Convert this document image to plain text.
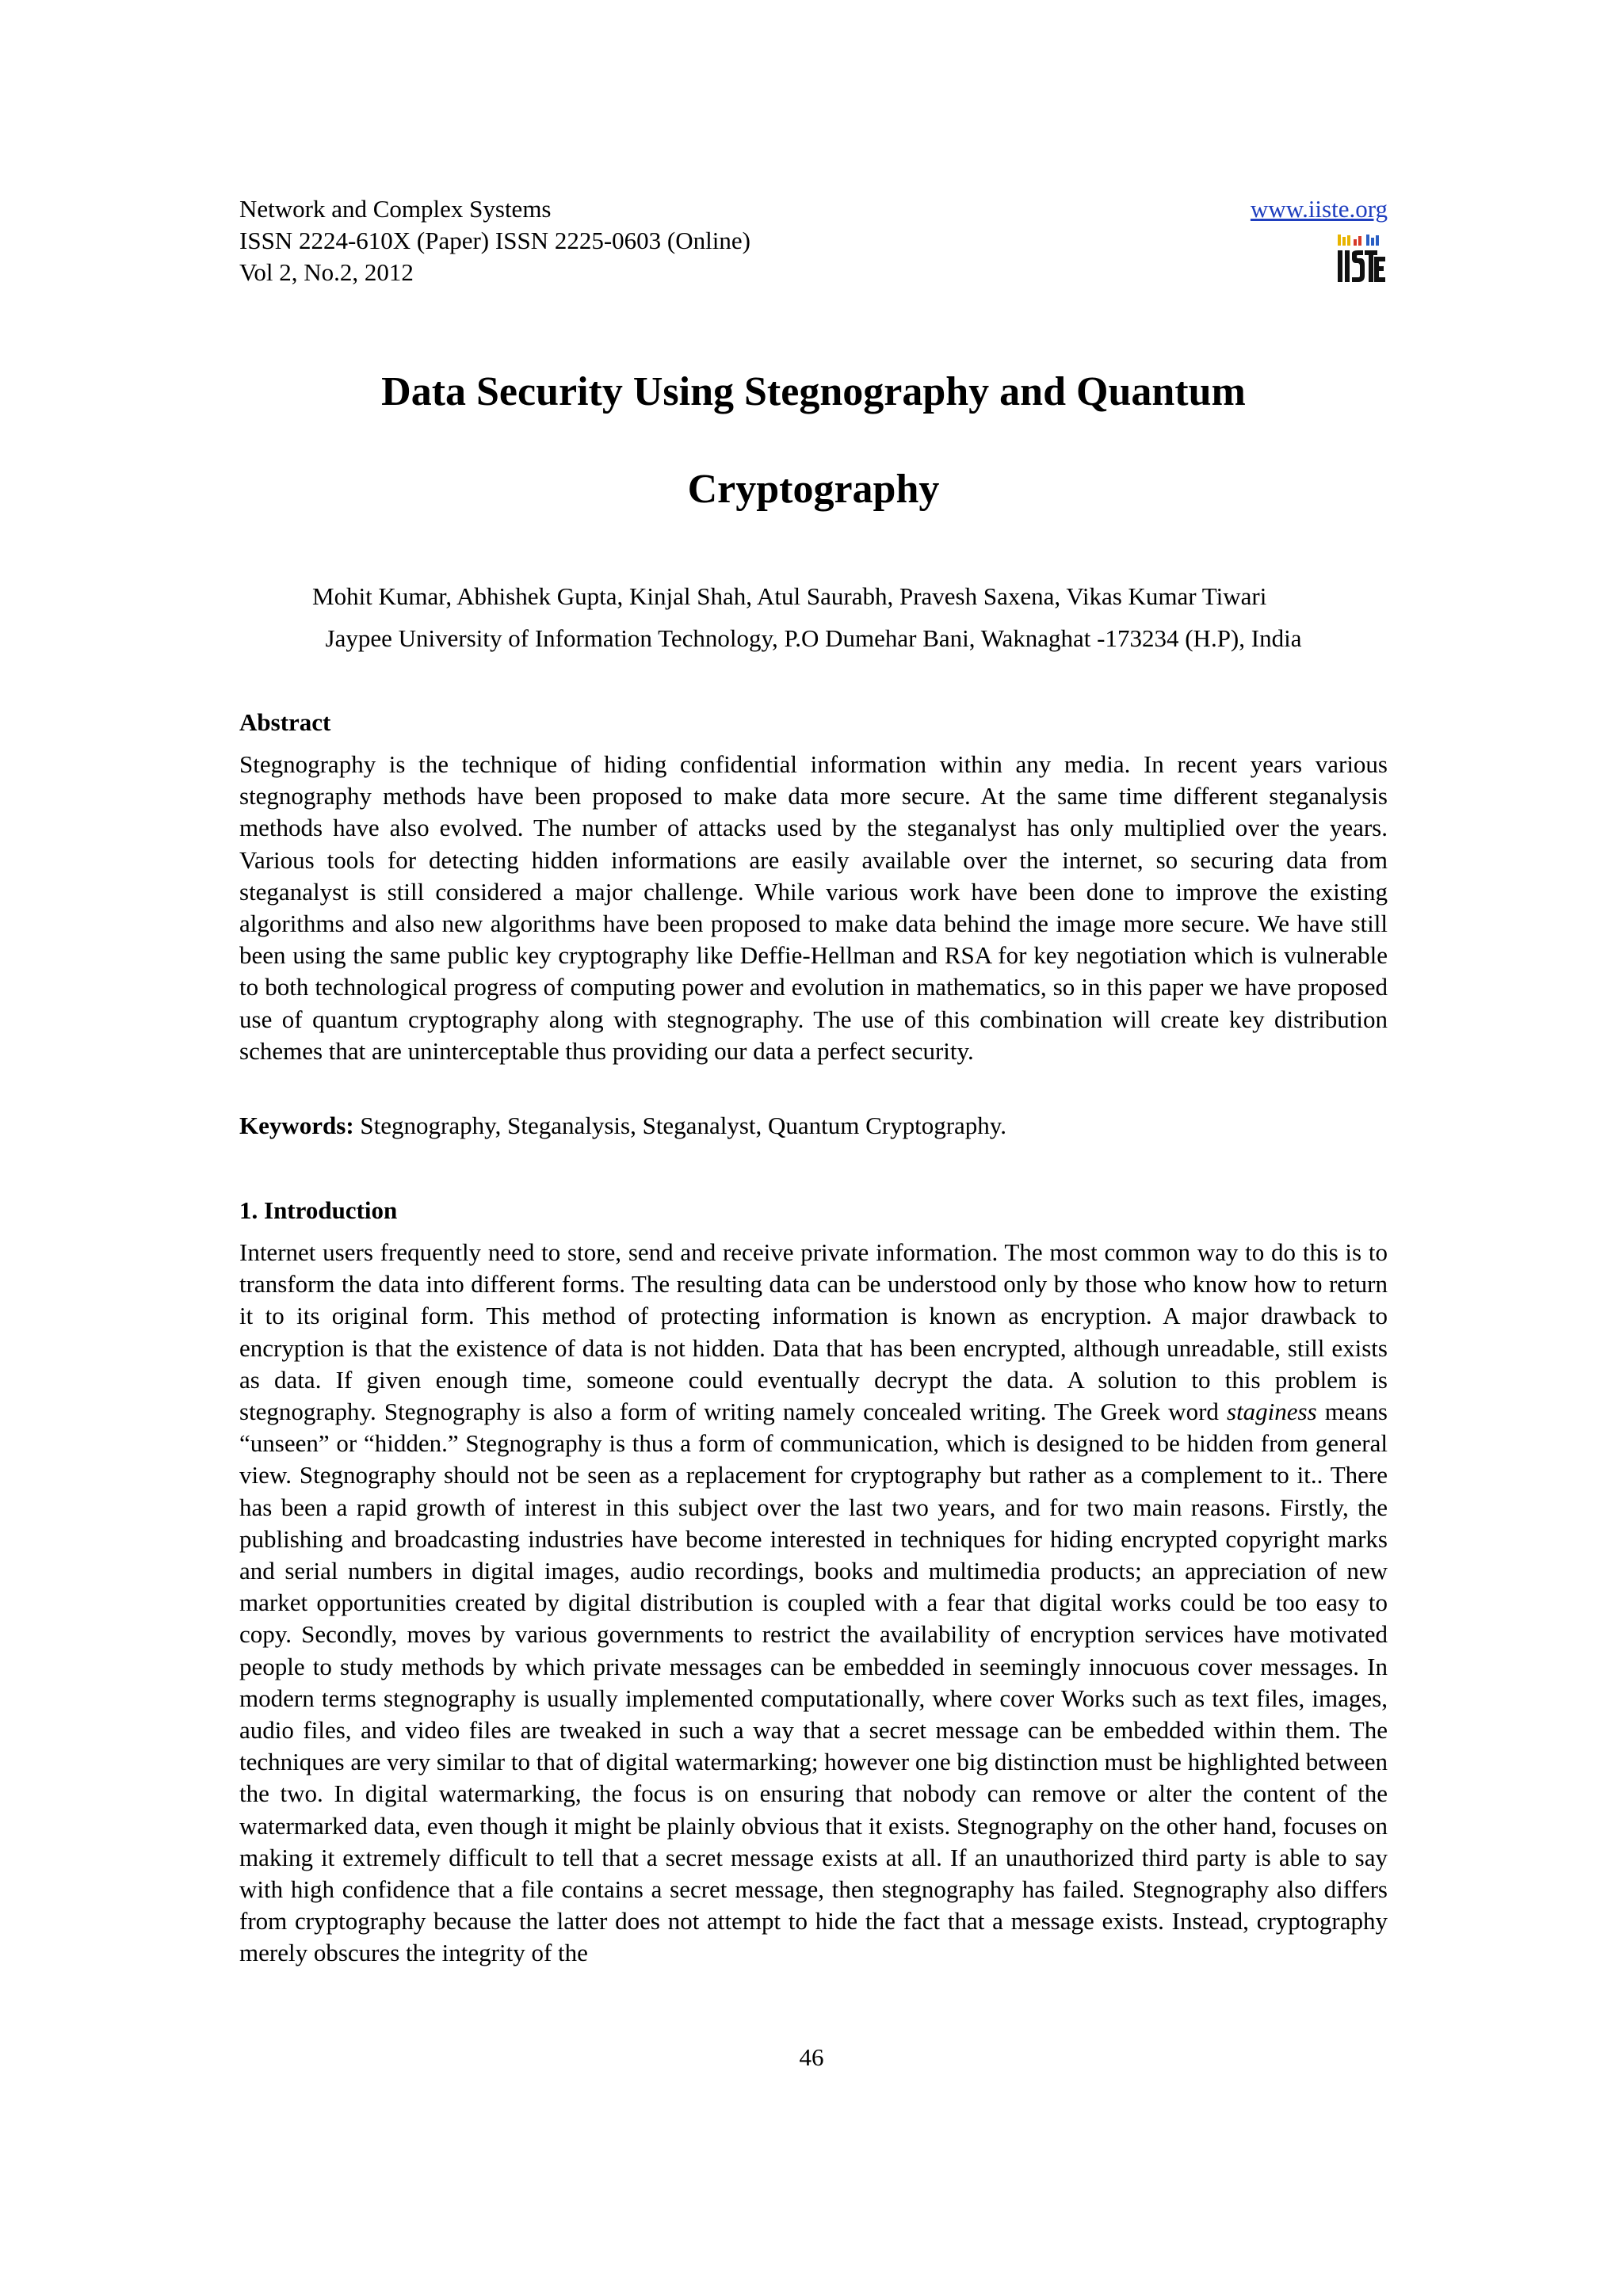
Network and Complex Systems
ISSN 2224-610X (Paper) ISSN 2225-0603 (Online)
Vol 2, No.2, 2012
www.iiste.org
Data Security Using Stegnography and Quantum
Cryptography
Mohit Kumar, Abhishek Gupta, Kinjal Shah, Atul Saurabh, Pravesh Saxena, Vikas Kumar Tiwari
Jaypee University of Information Technology, P.O Dumehar Bani, Waknaghat -173234 (H.P), India
Abstract
Stegnography is the technique of hiding confidential information within any media. In recent years various stegnography methods have been proposed to make data more secure. At the same time different steganalysis methods have also evolved. The number of attacks used by the steganalyst has only multiplied over the years. Various tools for detecting hidden informations are easily available over the internet, so securing data from steganalyst is still considered a major challenge. While various work have been done to improve the existing algorithms and also new algorithms have been proposed to make data behind the image more secure. We have still been using the same public key cryptography like Deffie-Hellman and RSA for key negotiation which is vulnerable to both technological progress of computing power and evolution in mathematics, so in this paper we have proposed use of quantum cryptography along with stegnography. The use of this combination will create key distribution schemes that are uninterceptable thus providing our data a perfect security.
Keywords: Stegnography, Steganalysis, Steganalyst, Quantum Cryptography.
1. Introduction
Internet users frequently need to store, send and receive private information. The most common way to do this is to transform the data into different forms. The resulting data can be understood only by those who know how to return it to its original form. This method of protecting information is known as encryption. A major drawback to encryption is that the existence of data is not hidden. Data that has been encrypted, although unreadable, still exists as data. If given enough time, someone could eventually decrypt the data. A solution to this problem is stegnography. Stegnography is also a form of writing namely concealed writing. The Greek word staginess means “unseen” or “hidden.” Stegnography is thus a form of communication, which is designed to be hidden from general view. Stegnography should not be seen as a replacement for cryptography but rather as a complement to it.. There has been a rapid growth of interest in this subject over the last two years, and for two main reasons. Firstly, the publishing and broadcasting industries have become interested in techniques for hiding encrypted copyright marks and serial numbers in digital images, audio recordings, books and multimedia products; an appreciation of new market opportunities created by digital distribution is coupled with a fear that digital works could be too easy to copy. Secondly, moves by various governments to restrict the availability of encryption services have motivated people to study methods by which private messages can be embedded in seemingly innocuous cover messages. In modern terms stegnography is usually implemented computationally, where cover Works such as text files, images, audio files, and video files are tweaked in such a way that a secret message can be embedded within them. The techniques are very similar to that of digital watermarking; however one big distinction must be highlighted between the two. In digital watermarking, the focus is on ensuring that nobody can remove or alter the content of the watermarked data, even though it might be plainly obvious that it exists. Stegnography on the other hand, focuses on making it extremely difficult to tell that a secret message exists at all. If an unauthorized third party is able to say with high confidence that a file contains a secret message, then stegnography has failed. Stegnography also differs from cryptography because the latter does not attempt to hide the fact that a message exists. Instead, cryptography merely obscures the integrity of the
46
